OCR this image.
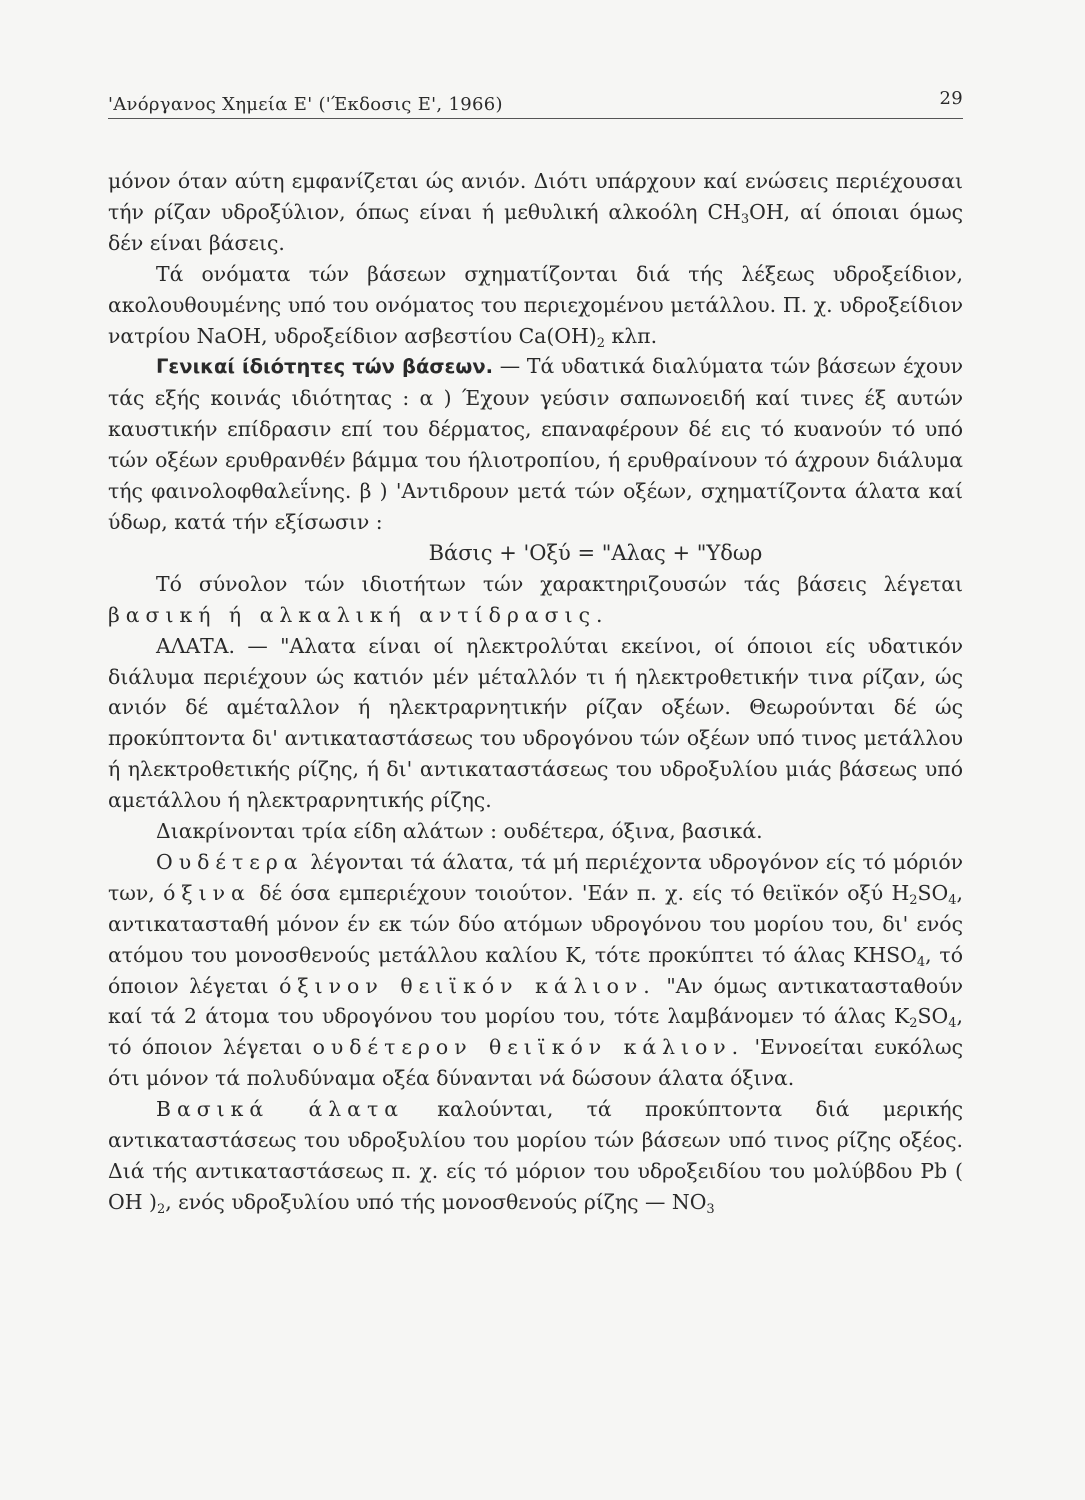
'Ανόργανος Χημεία Ε' ('Έκδοσις Ε', 1966)	29

μόνον όταν αύτη εμφανίζεται ώς ανιόν. Διότι υπάρχουν καί ενώσεις περιέχουσαι τήν ρίζαν υδροξύλιον, όπως είναι ή μεθυλική αλκοόλη $CH_3OH$, αί όποιαι όμως δέν είναι βάσεις.

Τά ονόματα τών βάσεων σχηματίζονται διά τής λέξεως υδροξείδιον, ακολουθουμένης υπό του ονόματος του περιεχομένου μετάλλου. Π. χ. υδροξείδιον νατρίου NaOH, υδροξείδιον ασβεστίου $Ca(OH)_2$ κλπ.

Γενικαί ίδιότητες τών βάσεων. — Τά υδατικά διαλύματα τών βάσεων έχουν τάς εξής κοινάς ιδιότητας : α ) Έχουν γεύσιν σαπωνοειδή καί τινες έξ αυτών καυστικήν επίδρασιν επί του δέρματος, επαναφέρουν δέ εις τό κυανούν τό υπό τών οξέων ερυθρανθέν βάμμα του ήλιοτροπίου, ή ερυθραίνουν τό άχρουν διάλυμα τής φαινολοφθαλεΐνης. β ) 'Αντιδρουν μετά τών οξέων, σχηματίζοντα άλατα καί ύδωρ, κατά τήν εξίσωσιν :

Βάσις + 'Οξύ = "Αλας + "Υδωρ

Τό σύνολον τών ιδιοτήτων τών χαρακτηριζουσών τάς βάσεις λέγεται βασική ή αλκαλική αντίδρασις.

ΑΛΑΤΑ. — "Αλατα είναι οί ηλεκτρολύται εκείνοι, οί όποιοι είς υδατικόν διάλυμα περιέχουν ώς κατιόν μέν μέταλλόν τι ή ηλεκτροθετικήν τινα ρίζαν, ώς ανιόν δέ αμέταλλον ή ηλεκτραρνητικήν ρίζαν οξέων. Θεωρούνται δέ ώς προκύπτοντα δι' αντικαταστάσεως του υδρογόνου τών οξέων υπό τινος μετάλλου ή ηλεκτροθετικής ρίζης, ή δι' αντικαταστάσεως του υδροξυλίου μιάς βάσεως υπό αμετάλλου ή ηλεκτραρνητικής ρίζης.

Διακρίνονται τρία είδη αλάτων : ουδέτερα, όξινα, βασικά.

Ουδέτερα λέγονται τά άλατα, τά μή περιέχοντα υδρογόνον είς τό μόριόν των, όξινα δέ όσα εμπεριέχουν τοιούτον. 'Εάν π. χ. είς τό θειϊκόν οξύ $H_2SO_4$, αντικατασταθή μόνον έν εκ τών δύο ατόμων υδρογόνου του μορίου του, δι' ενός ατόμου του μονοσθενούς μετάλλου καλίου K, τότε προκύπτει τό άλας $KHSO_4$, τό όποιον λέγεται όξινον θειϊκόν κάλιον. "Αν όμως αντικατασταθούν καί τά 2 άτομα του υδρογόνου του μορίου του, τότε λαμβάνομεν τό άλας $K_2SO_4$, τό όποιον λέγεται ουδέτερον θειϊκόν κάλιον. 'Εννοείται ευκόλως ότι μόνον τά πολυδύναμα οξέα δύνανται νά δώσουν άλατα όξινα.

Βασικά άλατα καλούνται, τά προκύπτοντα διά μερικής αντικαταστάσεως του υδροξυλίου του μορίου τών βάσεων υπό τινος ρίζης οξέος. Διά τής αντικαταστάσεως π. χ. είς τό μόριον του υδροξειδίου του μολύβδου Pb ( OH )$_2$, ενός υδροξυλίου υπό τής μονοσθενούς ρίζης — $NO_3$
